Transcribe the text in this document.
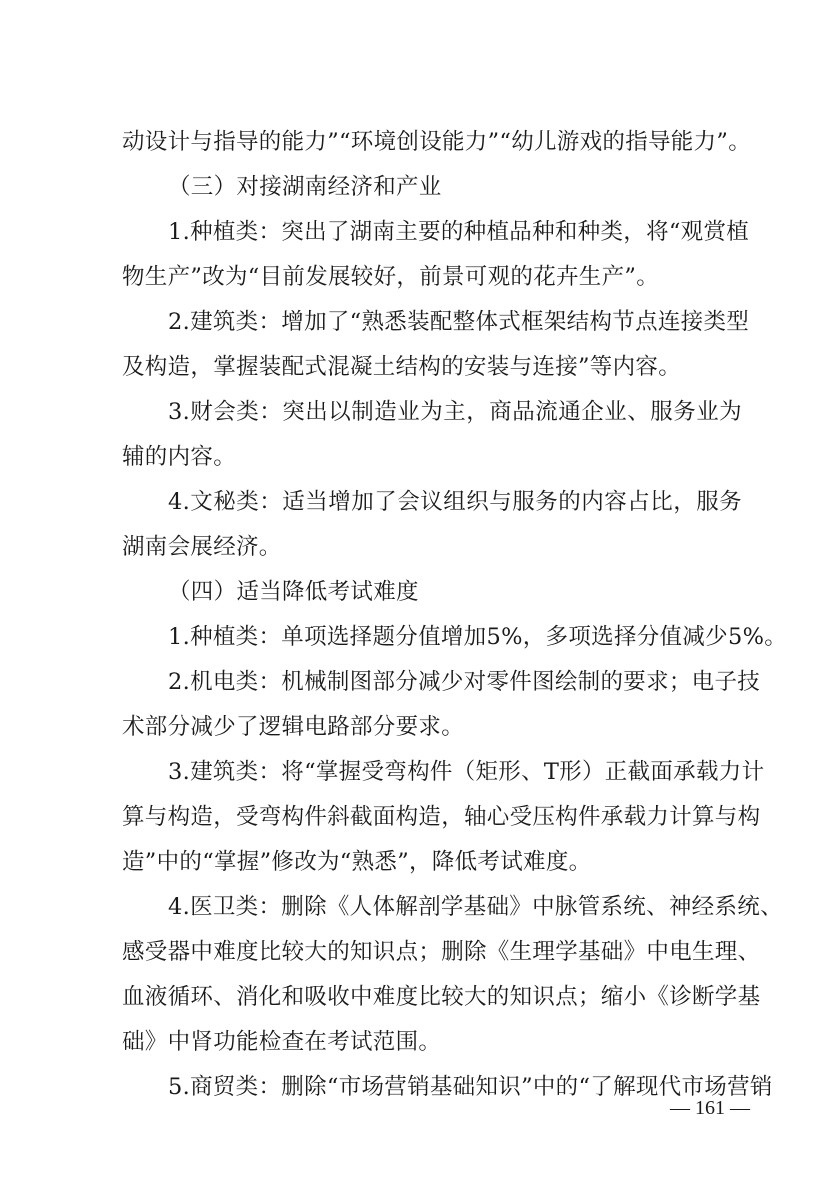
动设计与指导的能力”“环境创设能力”“幼儿游戏的指导能力”。
（三）对接湖南经济和产业
1.种植类：突出了湖南主要的种植品种和种类，将“观赏植
物生产”改为“目前发展较好，前景可观的花卉生产”。
2.建筑类：增加了“熟悉装配整体式框架结构节点连接类型
及构造，掌握装配式混凝土结构的安装与连接”等内容。
3.财会类：突出以制造业为主，商品流通企业、服务业为
辅的内容。
4.文秘类：适当增加了会议组织与服务的内容占比，服务
湖南会展经济。
（四）适当降低考试难度
1.种植类：单项选择题分值增加5%，多项选择分值减少5%。
2.机电类：机械制图部分减少对零件图绘制的要求；电子技
术部分减少了逻辑电路部分要求。
3.建筑类：将“掌握受弯构件（矩形、T形）正截面承载力计
算与构造，受弯构件斜截面构造，轴心受压构件承载力计算与构
造”中的“掌握”修改为“熟悉”，降低考试难度。
4.医卫类：删除《人体解剖学基础》中脉管系统、神经系统、
感受器中难度比较大的知识点；删除《生理学基础》中电生理、
血液循环、消化和吸收中难度比较大的知识点；缩小《诊断学基
础》中肾功能检查在考试范围。
5.商贸类：删除“市场营销基础知识”中的“了解现代市场营销
— 161 —
